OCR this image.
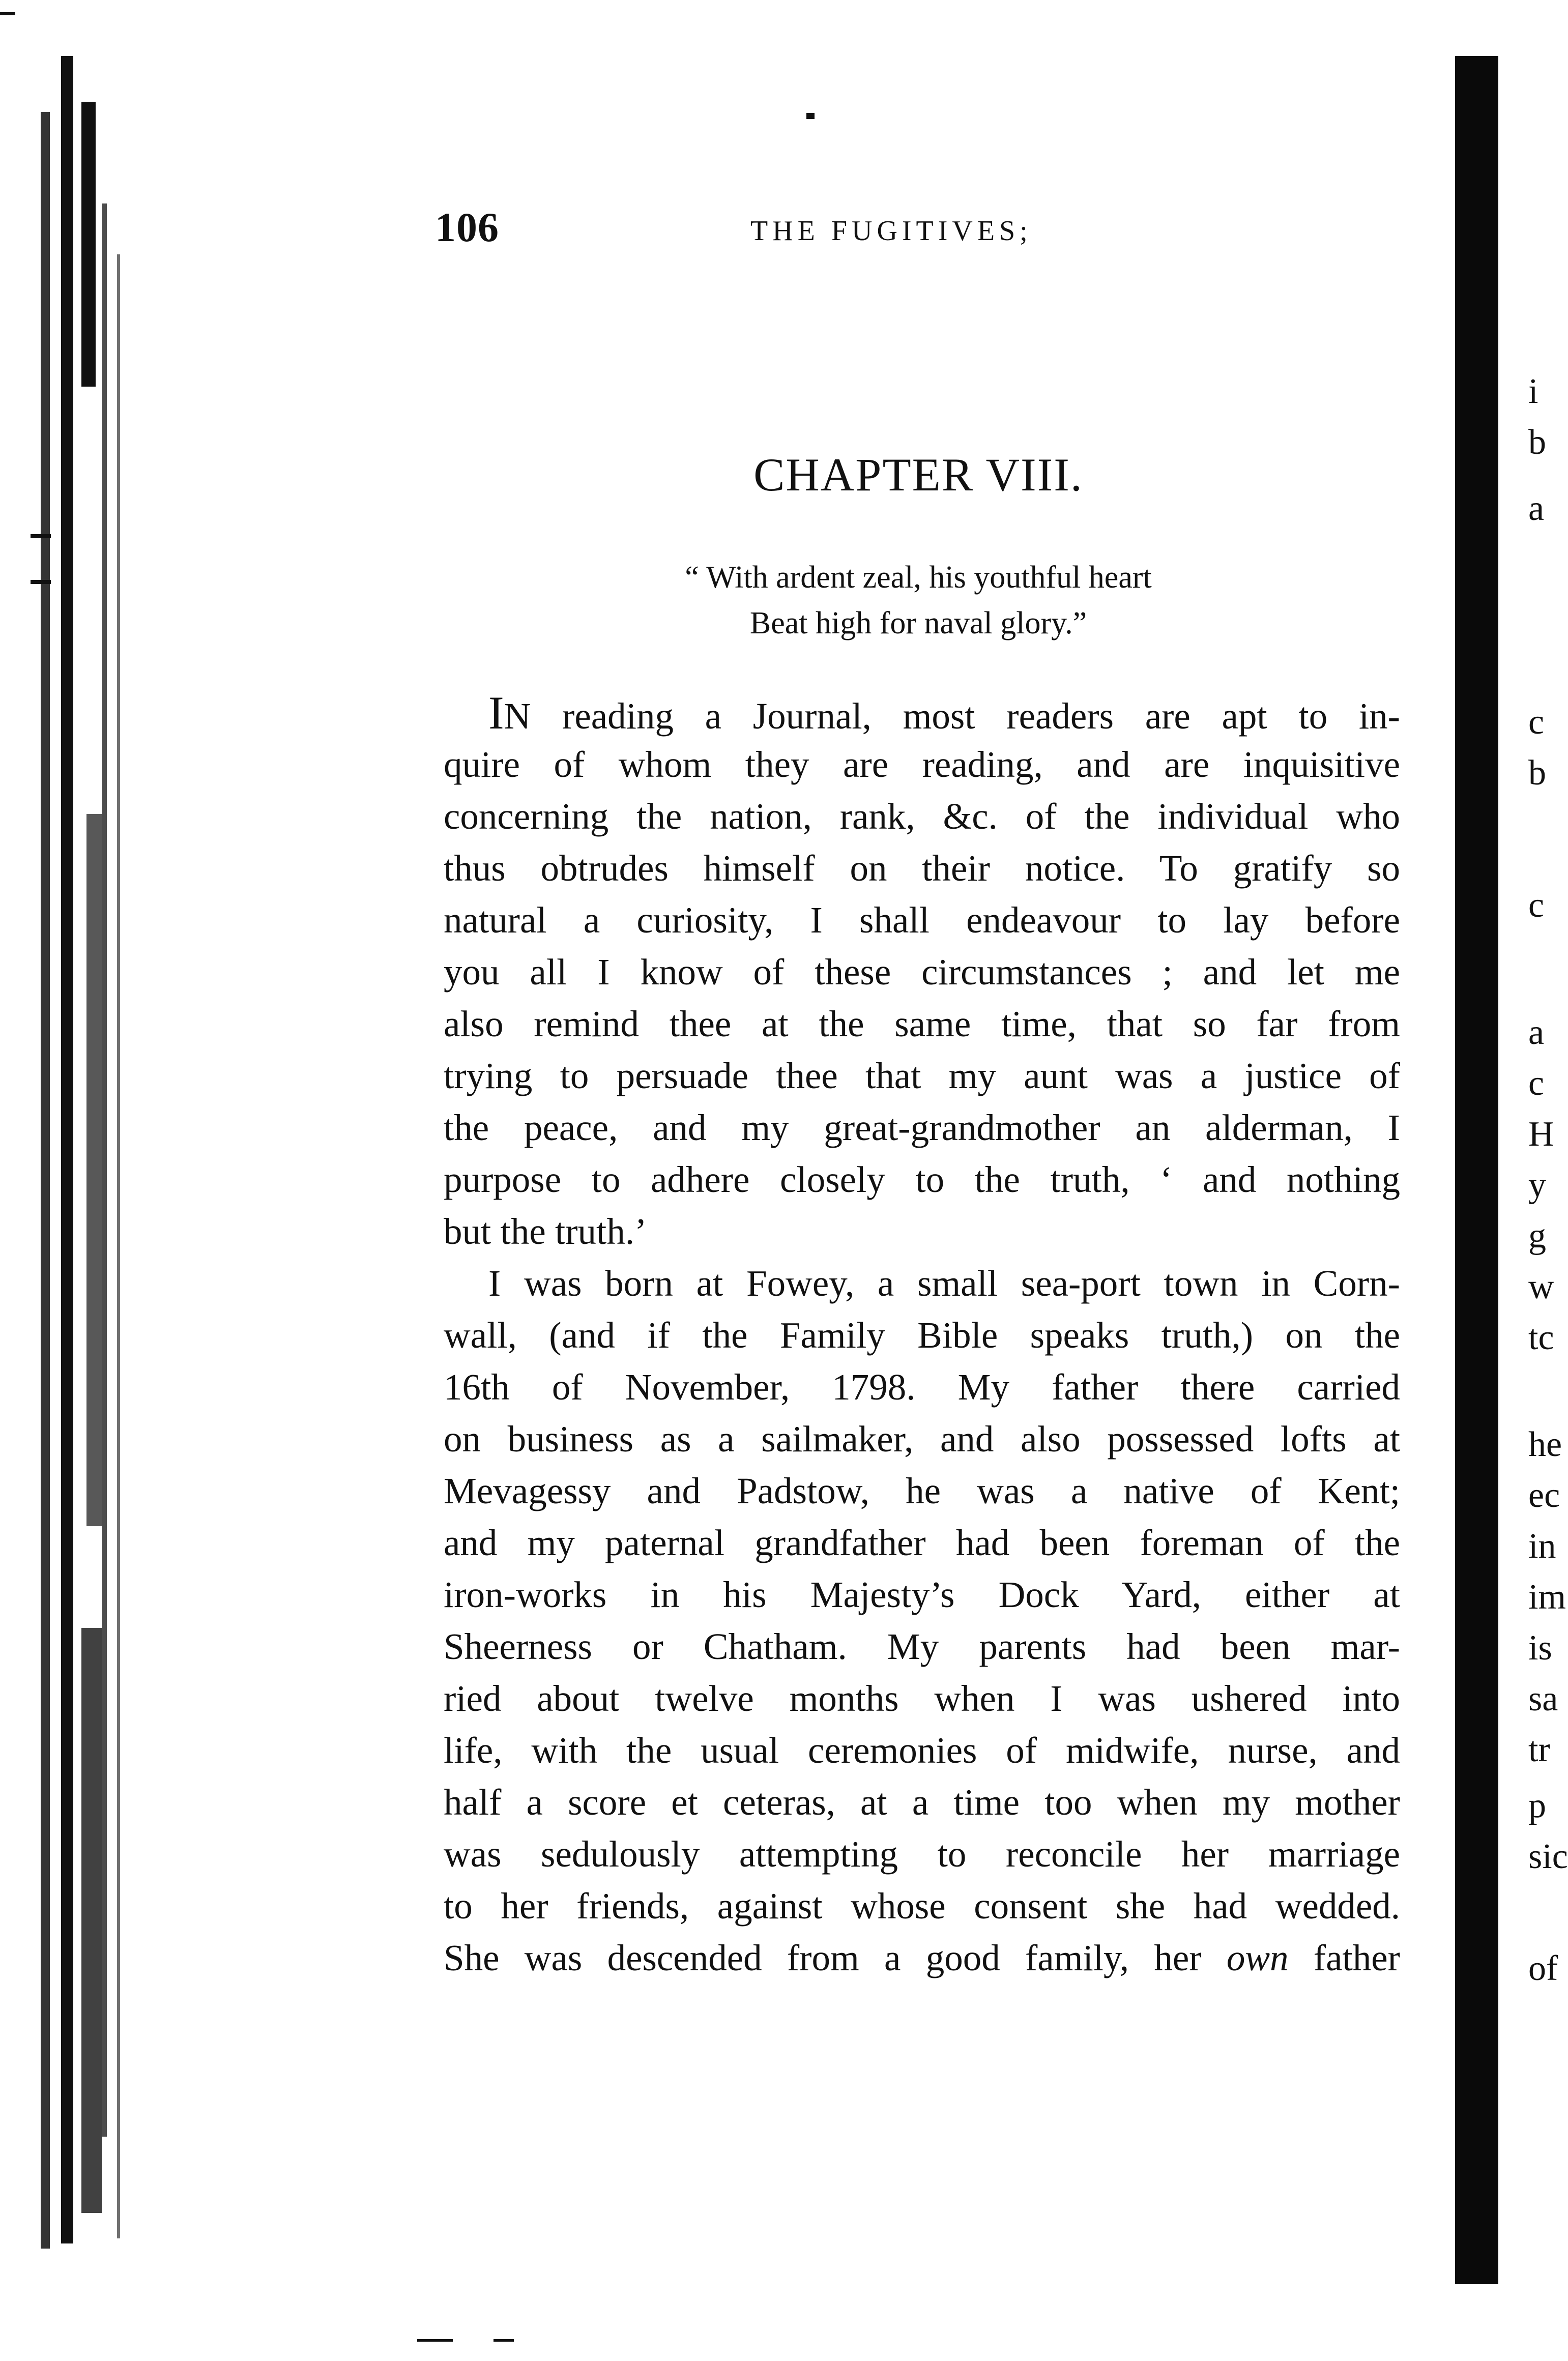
i
b
a
c
b
c
a
c
H
y
g
w
tc
he
ec
in
im
is
sa
tr
p
sic
of
106	THE FUGITIVES;
CHAPTER VIII.
“ With ardent zeal, his youthful heart
Beat high for naval glory.”
IN reading a Journal, most readers are apt to in-
quire of whom they are reading, and are inquisitive
concerning the nation, rank, &c. of the individual who
thus obtrudes himself on their notice. To gratify so
natural a curiosity, I shall endeavour to lay before
you all I know of these circumstances ; and let me
also remind thee at the same time, that so far from
trying to persuade thee that my aunt was a justice of
the peace, and my great-grandmother an alderman, I
purpose to adhere closely to the truth, ‘ and nothing
but the truth.’
I was born at Fowey, a small sea-port town in Corn-
wall, (and if the Family Bible speaks truth,) on the
16th of November, 1798. My father there carried
on business as a sailmaker, and also possessed lofts at
Mevagessy and Padstow, he was a native of Kent;
and my paternal grandfather had been foreman of the
iron-works in his Majesty’s Dock Yard, either at
Sheerness or Chatham. My parents had been mar-
ried about twelve months when I was ushered into
life, with the usual ceremonies of midwife, nurse, and
half a score et ceteras, at a time too when my mother
was sedulously attempting to reconcile her marriage
to her friends, against whose consent she had wedded.
She was descended from a good family, her own father
